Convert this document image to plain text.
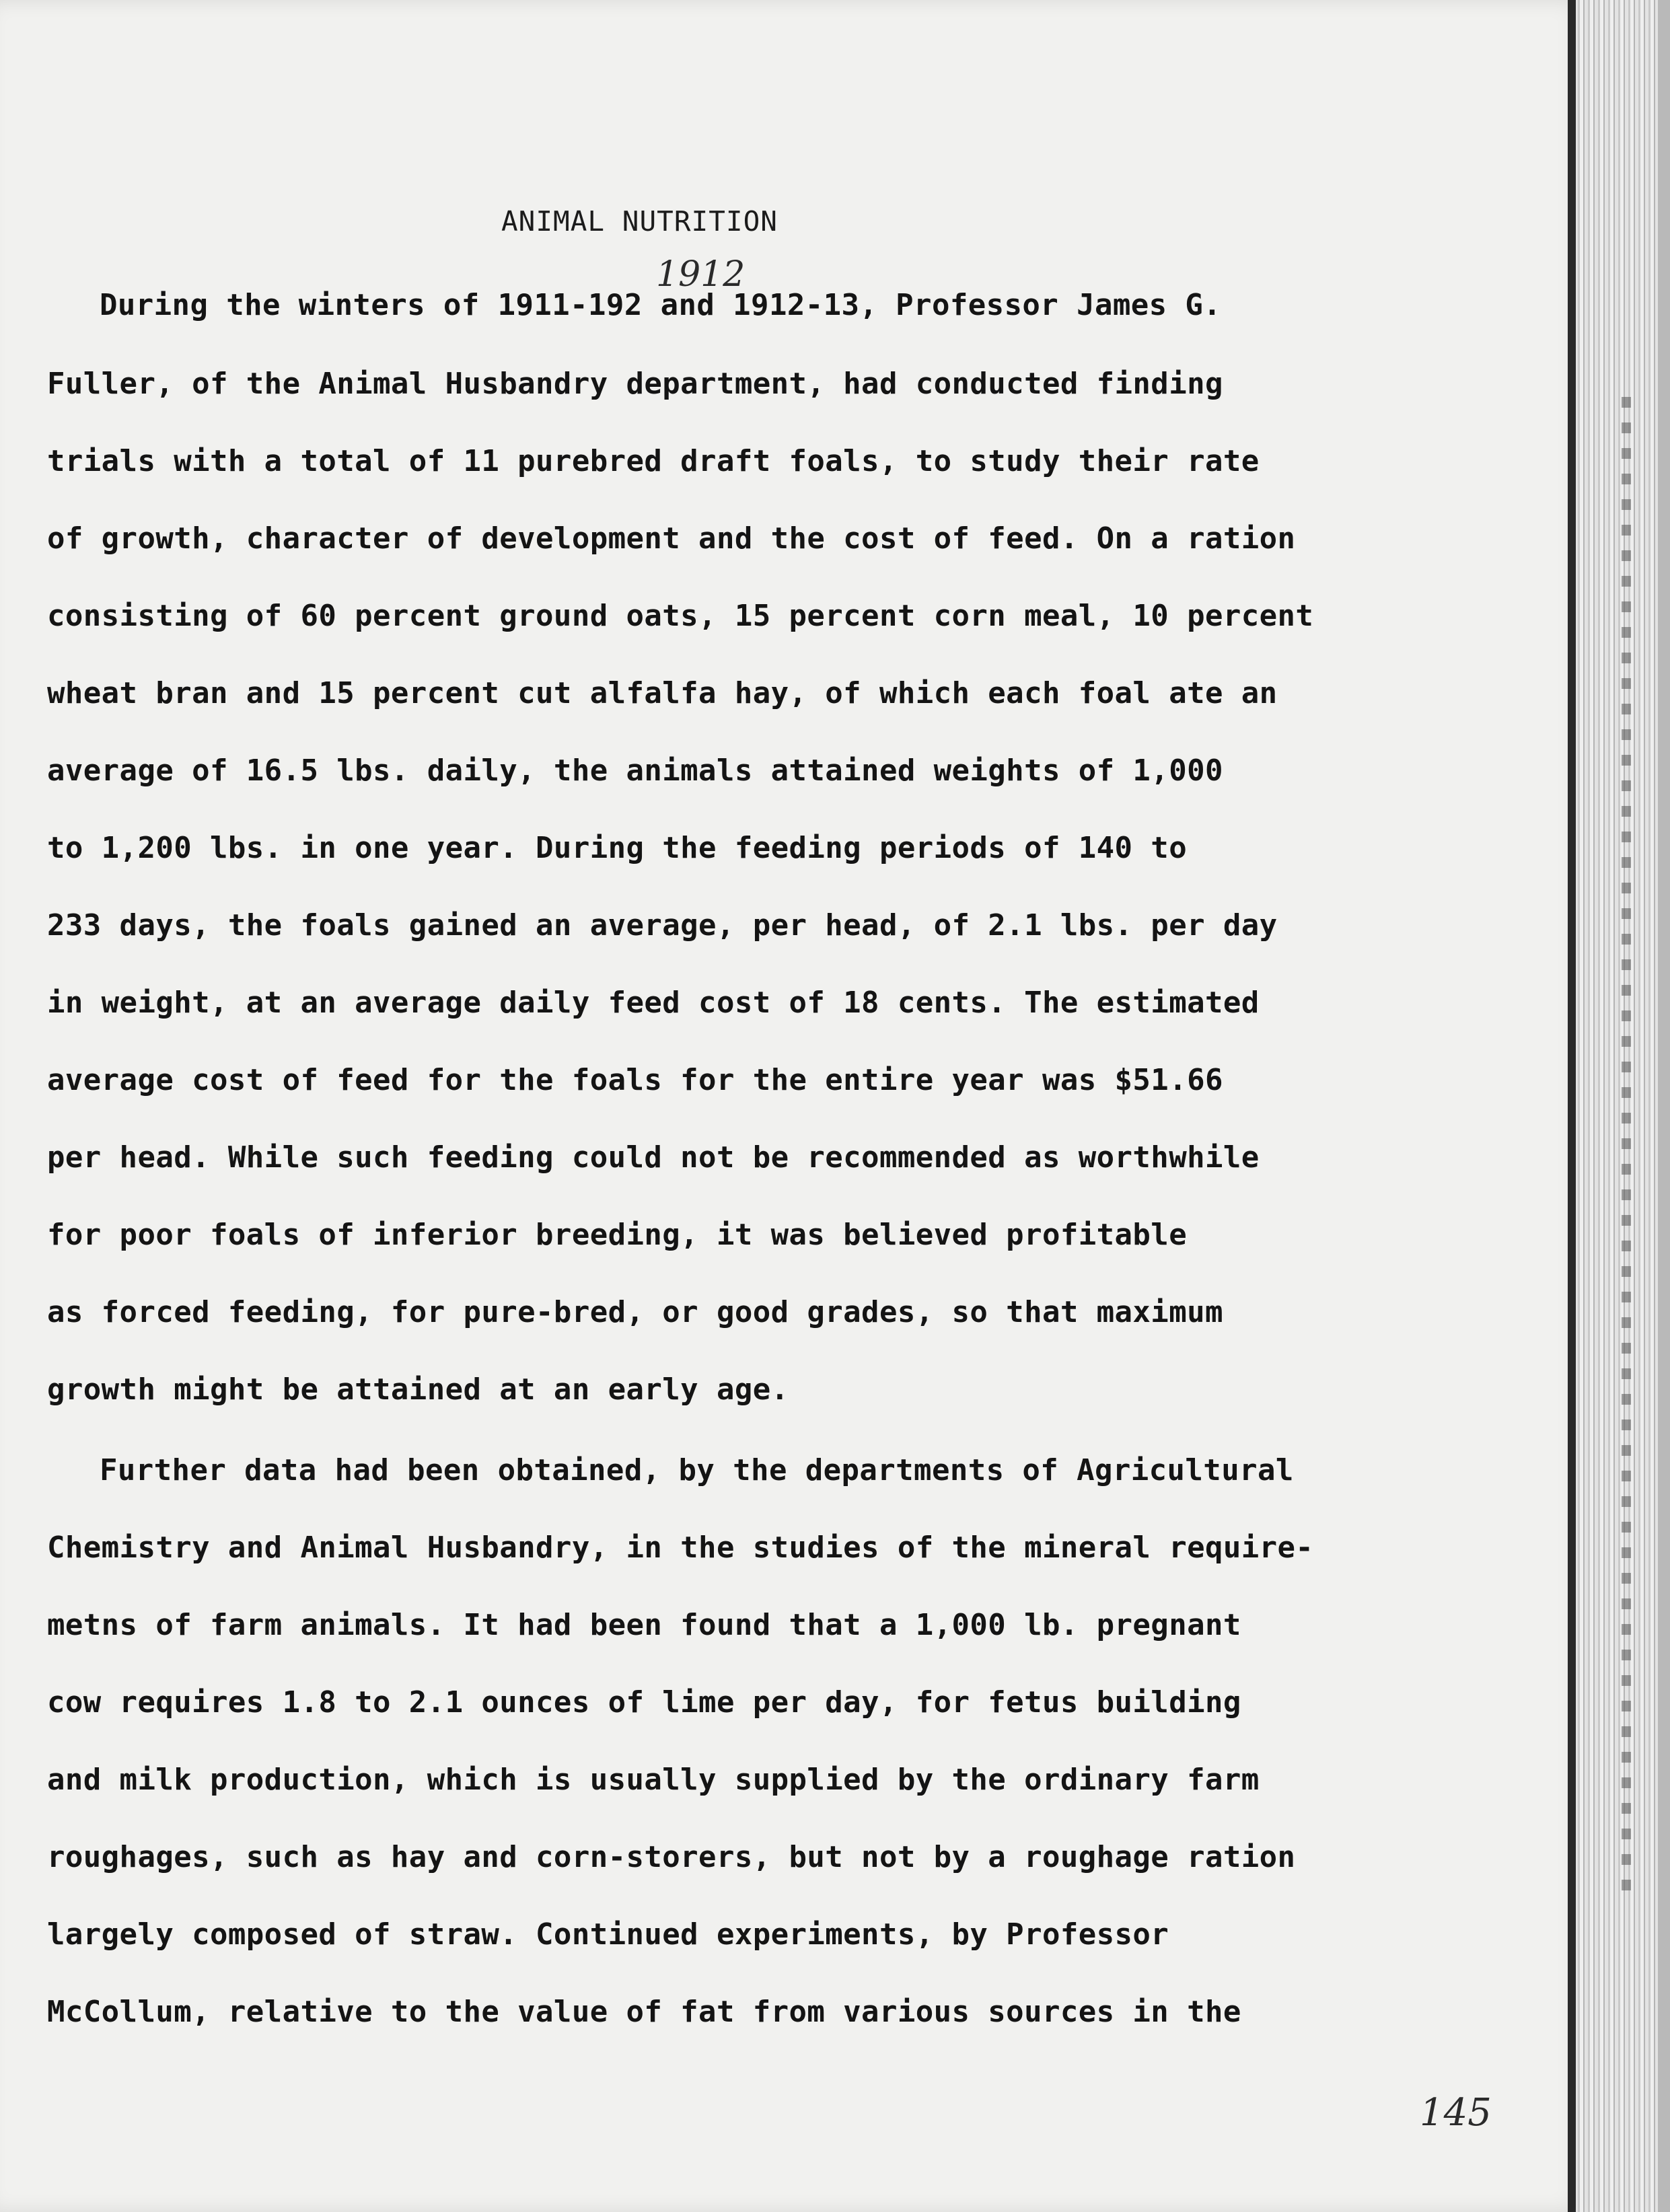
ANIMAL NUTRITION
1912
During the winters of 1911-192 and 1912-13, Professor James G.
Fuller, of the Animal Husbandry department, had conducted finding
trials with a total of 11 purebred draft foals, to study their rate
of growth, character of development and the cost of feed. On a ration
consisting of 60 percent ground oats, 15 percent corn meal, 10 percent
wheat bran and 15 percent cut alfalfa hay, of which each foal ate an
average of 16.5 lbs. daily, the animals attained weights of 1,000
to 1,200 lbs. in one year. During the feeding periods of 140 to
233 days, the foals gained an average, per head, of 2.1 lbs. per day
in weight, at an average daily feed cost of 18 cents. The estimated
average cost of feed for the foals for the entire year was $51.66
per head. While such feeding could not be recommended as worthwhile
for poor foals of inferior breeding, it was believed profitable
as forced feeding, for pure-bred, or good grades, so that maximum
growth might be attained at an early age.
Further data had been obtained, by the departments of Agricultural
Chemistry and Animal Husbandry, in the studies of the mineral require-
metns of farm animals. It had been found that a 1,000 lb. pregnant
cow requires 1.8 to 2.1 ounces of lime per day, for fetus building
and milk production, which is usually supplied by the ordinary farm
roughages, such as hay and corn-storers, but not by a roughage ration
largely composed of straw. Continued experiments, by Professor
McCollum, relative to the value of fat from various sources in the
145
